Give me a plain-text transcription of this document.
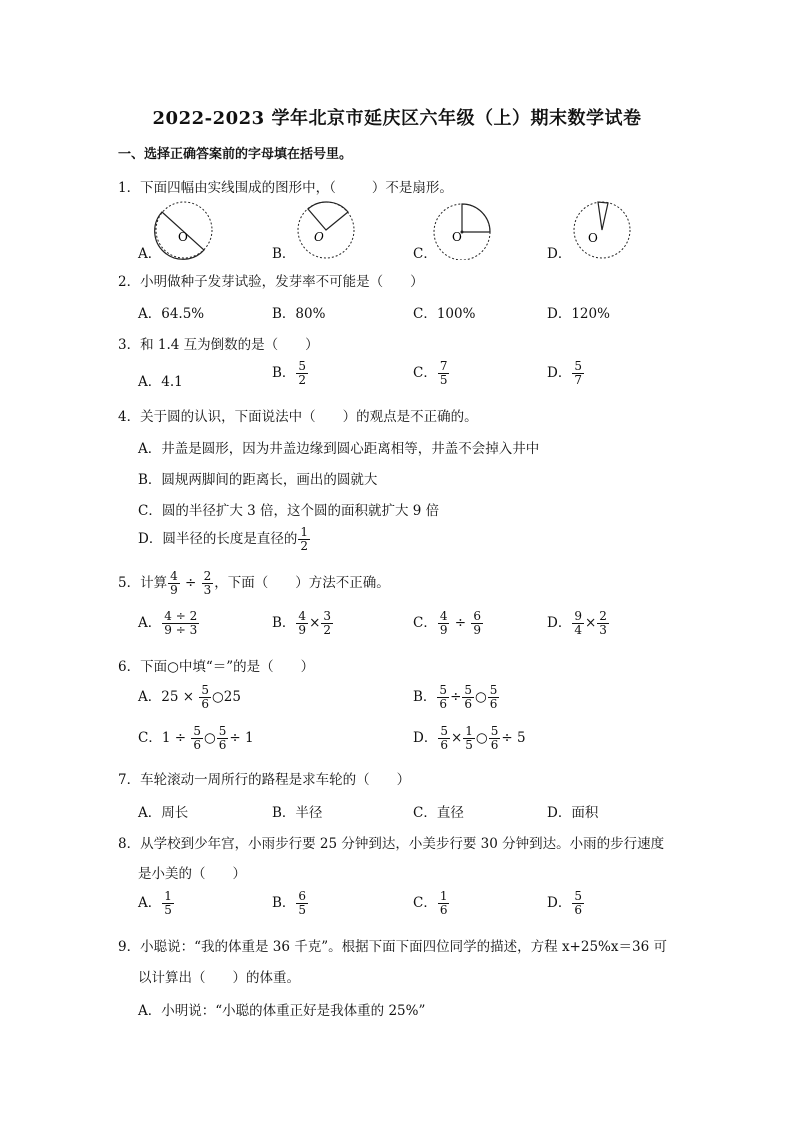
2022-2023 学年北京市延庆区六年级（上）期末数学试卷
一、选择正确答案前的字母填在括号里。
1．下面四幅由实线围成的图形中，（	）不是扇形。
A．
O
B．
O
C．
O
D．
O
2．小明做种子发芽试验，发芽率不可能是（　　）
A．64.5%	B．80%	C．100%	D．120%
3．和 1.4 互为倒数的是（　　）
A．4.1
B． $\frac{5}{2}$	C． $\frac{7}{5}$	D． $\frac{5}{7}$
4．关于圆的认识，下面说法中（　　）的观点是不正确的。
A．井盖是圆形，因为井盖边缘到圆心距离相等，井盖不会掉入井中
B．圆规两脚间的距离长，画出的圆就大
C．圆的半径扩大 3 倍，这个圆的面积就扩大 9 倍
D．圆半径的长度是直径的 $\frac{1}{2}$
5．计算 $\frac{4}{9} \div \frac{2}{3}$ ，下面（　　）方法不正确。
A． $\frac{4 \div 2}{9 \div 3}$	B． $\frac{4}{9} \times \frac{3}{2}$	C． $\frac{4}{9} \div \frac{6}{9}$	D． $\frac{9}{4} \times \frac{2}{3}$
6．下面○中填“＝”的是（　　）
A．$25 \times \frac{5}{6}$ ○25	B． $\frac{5}{6} \div \frac{5}{6}$ ○ $\frac{5}{6}$
C．$1 \div \frac{5}{6}$ ○ $\frac{5}{6} \div 1$	D． $\frac{5}{6} \times \frac{1}{5}$ ○ $\frac{5}{6} \div 5$
7．车轮滚动一周所行的路程是求车轮的（　　）
A．周长	B．半径	C．直径	D．面积
8．从学校到少年宫，小雨步行要 25 分钟到达，小美步行要 30 分钟到达。小雨的步行速度
是小美的（　　）
A． $\frac{1}{5}$	B． $\frac{6}{5}$	C． $\frac{1}{6}$	D． $\frac{5}{6}$
9．小聪说：“我的体重是 36 千克”。根据下面下面四位同学的描述，方程 x+25%x＝36 可
以计算出（　　）的体重。
A．小明说：“小聪的体重正好是我体重的 25%”
